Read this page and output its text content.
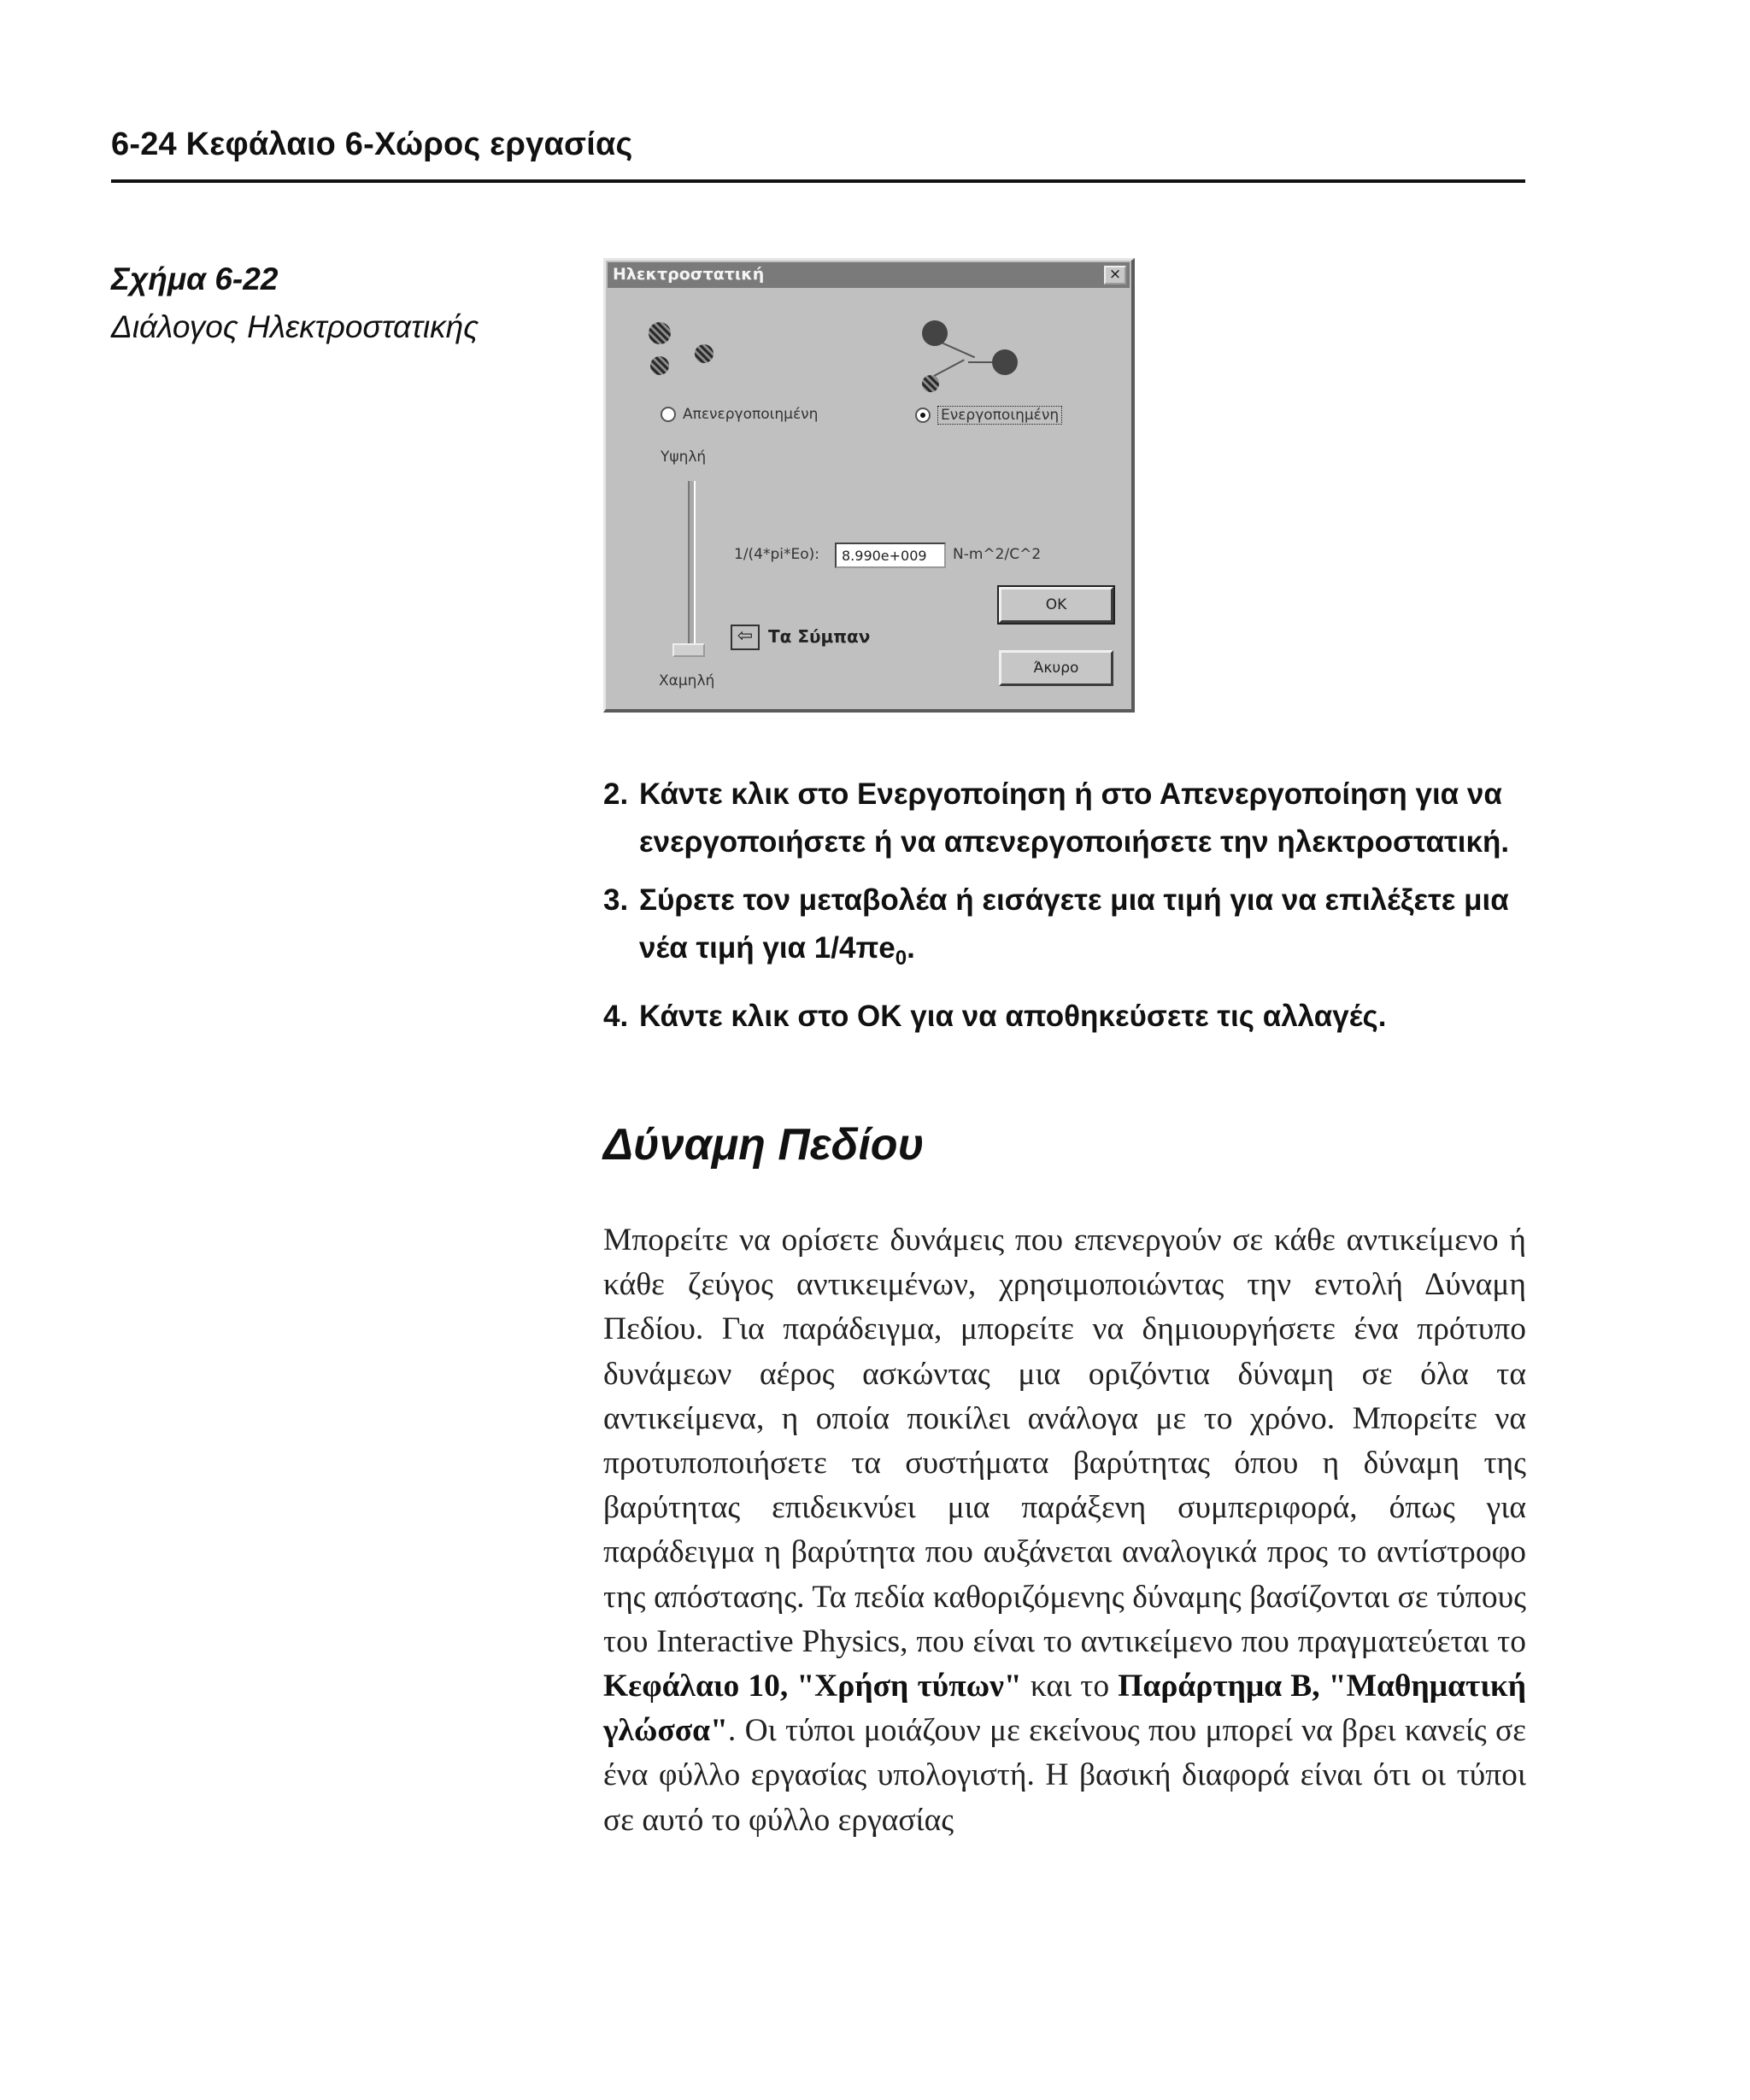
6-24 Κεφάλαιο 6-Χώρος εργασίας
Σχήμα 6-22
Διάλογος Ηλεκτροστατικής
Ηλεκτροστατική	×
Απενεργοποιημένη	Ενεργοποιημένη
Υψηλή
Χαμηλή
1/(4*pi*Eo):
8.990e+009	N-m^2/C^2
OK
Άκυρο
⇦ Τα Σύμπαν
2. Κάντε κλικ στο Ενεργοποίηση ή στο Απενεργοποίηση για να ενεργοποιήσετε ή να απενεργοποιήσετε την ηλεκτροστατική.
3. Σύρετε τον μεταβολέα ή εισάγετε μια τιμή για να επιλέξετε μια νέα τιμή για $1/4\pi e_0$.
4. Κάντε κλικ στο OK για να αποθηκεύσετε τις αλλαγές.
Δύναμη Πεδίου
Μπορείτε να ορίσετε δυνάμεις που επενεργούν σε κάθε αντικείμενο ή κάθε ζεύγος αντικειμένων, χρησιμοποιώντας την εντολή Δύναμη Πεδίου. Για παράδειγμα, μπορείτε να δημιουργήσετε ένα πρότυπο δυνάμεων αέρος ασκώντας μια οριζόντια δύναμη σε όλα τα αντικείμενα, η οποία ποικίλει ανάλογα με το χρόνο. Μπορείτε να προτυποποιήσετε τα συστήματα βαρύτητας όπου η δύναμη της βαρύτητας επιδεικνύει μια παράξενη συμπεριφορά, όπως για παράδειγμα η βαρύτητα που αυξάνεται αναλογικά προς το αντίστροφο της απόστασης. Τα πεδία καθοριζόμενης δύναμης βασίζονται σε τύπους του Interactive Physics, που είναι το αντικείμενο που πραγματεύεται το Κεφάλαιο 10, "Χρήση τύπων" και το Παράρτημα Β, "Μαθηματική γλώσσα". Οι τύποι μοιάζουν με εκείνους που μπορεί να βρει κανείς σε ένα φύλλο εργασίας υπολογιστή. Η βασική διαφορά είναι ότι οι τύποι σε αυτό το φύλλο εργασίας
